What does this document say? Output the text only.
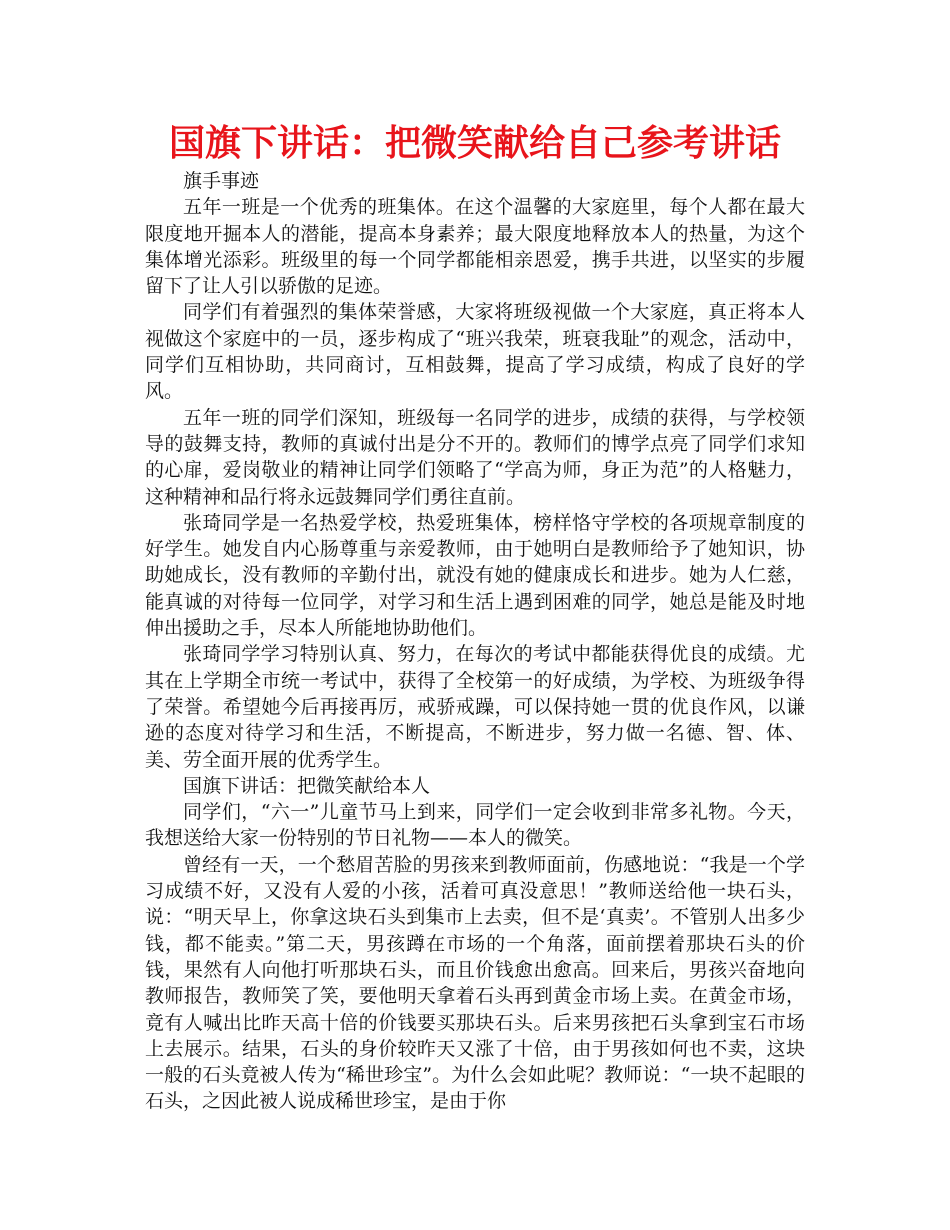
国旗下讲话：把微笑献给自己参考讲话

旗手事迹

五年一班是一个优秀的班集体。在这个温馨的大家庭里，每个人都在最大限度地开掘本人的潜能，提高本身素养；最大限度地释放本人的热量，为这个集体增光添彩。班级里的每一个同学都能相亲恩爱，携手共进，以坚实的步履留下了让人引以骄傲的足迹。

同学们有着强烈的集体荣誉感，大家将班级视做一个大家庭，真正将本人视做这个家庭中的一员，逐步构成了“班兴我荣，班衰我耻”的观念，活动中，同学们互相协助，共同商讨，互相鼓舞，提高了学习成绩，构成了良好的学风。

五年一班的同学们深知，班级每一名同学的进步，成绩的获得，与学校领导的鼓舞支持，教师的真诚付出是分不开的。教师们的博学点亮了同学们求知的心扉，爱岗敬业的精神让同学们领略了“学高为师，身正为范”的人格魅力，这种精神和品行将永远鼓舞同学们勇往直前。

张琦同学是一名热爱学校，热爱班集体，榜样恪守学校的各项规章制度的好学生。她发自内心肠尊重与亲爱教师，由于她明白是教师给予了她知识，协助她成长，没有教师的辛勤付出，就没有她的健康成长和进步。她为人仁慈，能真诚的对待每一位同学，对学习和生活上遇到困难的同学，她总是能及时地伸出援助之手，尽本人所能地协助他们。

张琦同学学习特别认真、努力，在每次的考试中都能获得优良的成绩。尤其在上学期全市统一考试中，获得了全校第一的好成绩，为学校、为班级争得了荣誉。希望她今后再接再厉，戒骄戒躁，可以保持她一贯的优良作风，以谦逊的态度对待学习和生活，不断提高，不断进步，努力做一名德、智、体、美、劳全面开展的优秀学生。

国旗下讲话：把微笑献给本人

同学们，“六一”儿童节马上到来，同学们一定会收到非常多礼物。今天，我想送给大家一份特别的节日礼物——本人的微笑。

曾经有一天，一个愁眉苦脸的男孩来到教师面前，伤感地说：“我是一个学习成绩不好，又没有人爱的小孩，活着可真没意思！”教师送给他一块石头，说：“明天早上，你拿这块石头到集市上去卖，但不是‘真卖’。不管别人出多少钱，都不能卖。”第二天，男孩蹲在市场的一个角落，面前摆着那块石头的价钱，果然有人向他打听那块石头，而且价钱愈出愈高。回来后，男孩兴奋地向教师报告，教师笑了笑，要他明天拿着石头再到黄金市场上卖。在黄金市场，竟有人喊出比昨天高十倍的价钱要买那块石头。后来男孩把石头拿到宝石市场上去展示。结果，石头的身价较昨天又涨了十倍，由于男孩如何也不卖，这块一般的石头竟被人传为“稀世珍宝”。为什么会如此呢？教师说：“一块不起眼的石头，之因此被人说成稀世珍宝，是由于你
